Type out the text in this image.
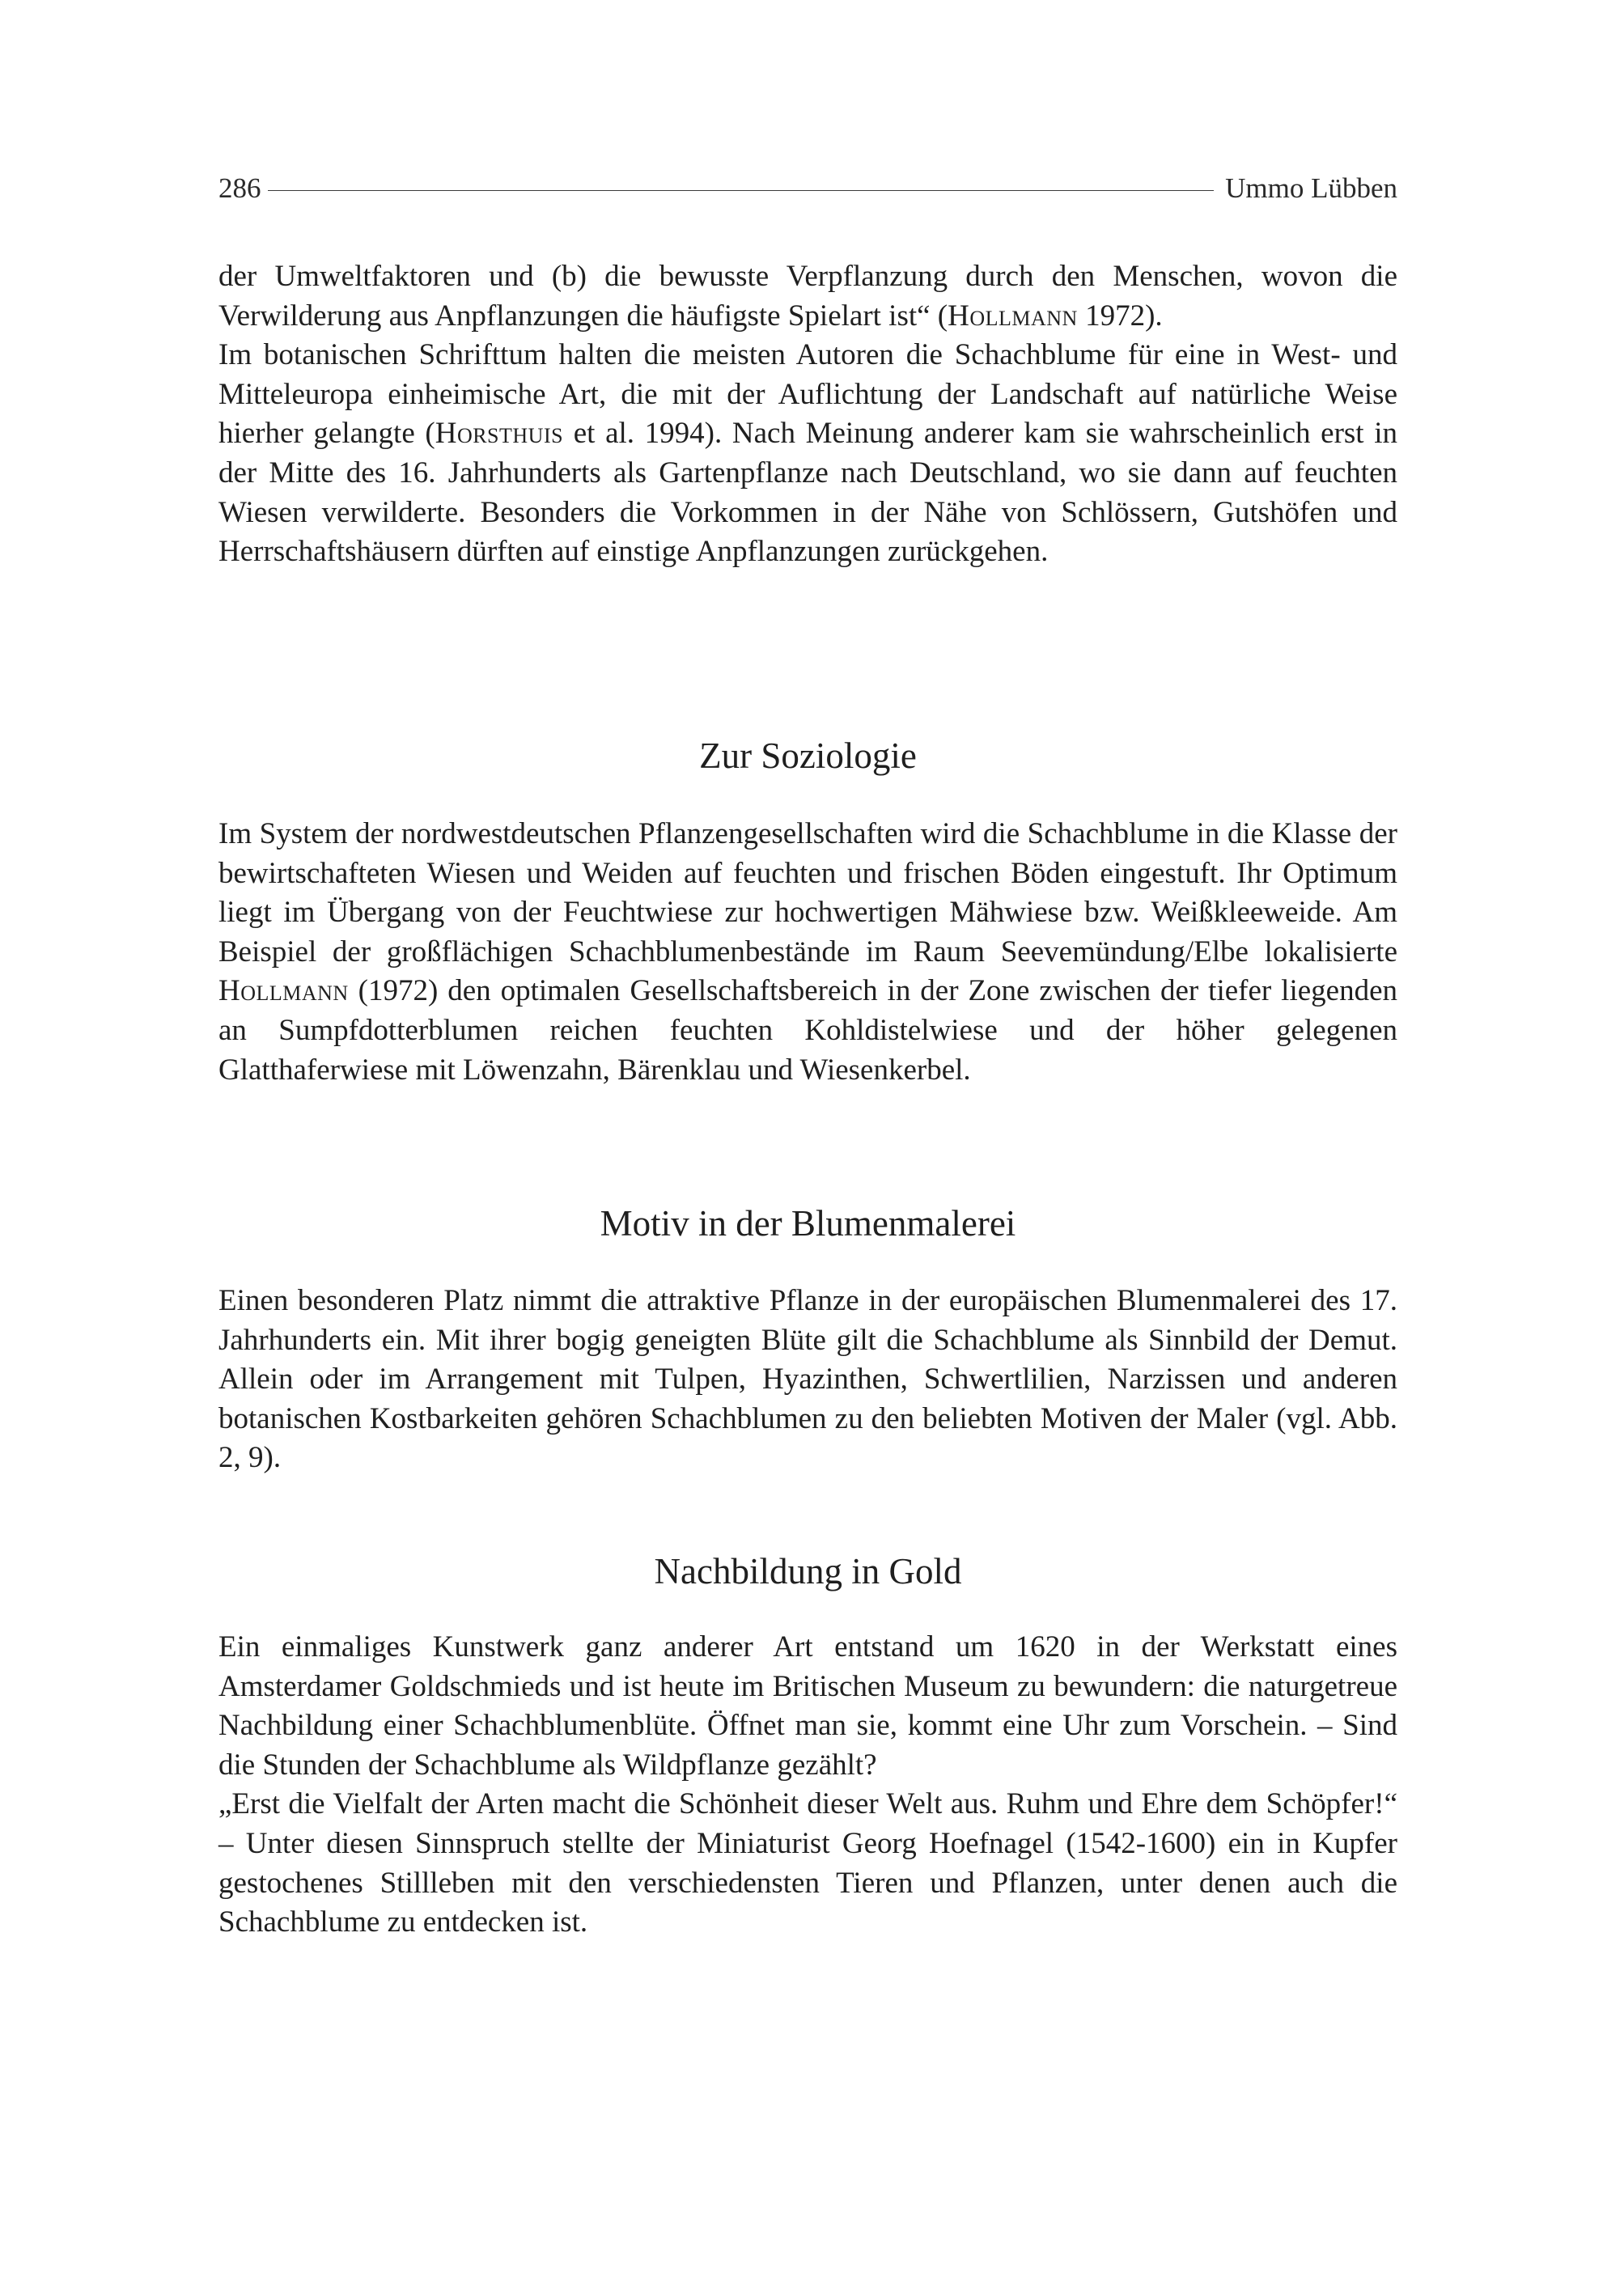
286	Ummo Lübben

der Umweltfaktoren und (b) die bewusste Verpflanzung durch den Menschen, wovon die Verwilderung aus Anpflanzungen die häufigste Spielart ist“ (Hollmann 1972).

Im botanischen Schrifttum halten die meisten Autoren die Schachblume für eine in West- und Mitteleuropa einheimische Art, die mit der Auflichtung der Landschaft auf natürliche Weise hierher gelangte (Horsthuis et al. 1994). Nach Meinung anderer kam sie wahrscheinlich erst in der Mitte des 16. Jahrhunderts als Gartenpflanze nach Deutschland, wo sie dann auf feuchten Wiesen verwilderte. Besonders die Vorkommen in der Nähe von Schlössern, Gutshöfen und Herrschaftshäusern dürften auf einstige Anpflanzungen zurückgehen.

Zur Soziologie

Im System der nordwestdeutschen Pflanzengesellschaften wird die Schachblume in die Klasse der bewirtschafteten Wiesen und Weiden auf feuchten und frischen Böden eingestuft. Ihr Optimum liegt im Übergang von der Feuchtwiese zur hochwertigen Mähwiese bzw. Weißkleeweide. Am Beispiel der großflächigen Schachblumenbestände im Raum Seevemündung/Elbe lokalisierte Hollmann (1972) den optimalen Gesellschaftsbereich in der Zone zwischen der tiefer liegenden an Sumpfdotterblumen reichen feuchten Kohldistelwiese und der höher gelegenen Glatthaferwiese mit Löwenzahn, Bärenklau und Wiesenkerbel.

Motiv in der Blumenmalerei

Einen besonderen Platz nimmt die attraktive Pflanze in der europäischen Blumenmalerei des 17. Jahrhunderts ein. Mit ihrer bogig geneigten Blüte gilt die Schachblume als Sinnbild der Demut. Allein oder im Arrangement mit Tulpen, Hyazinthen, Schwertlilien, Narzissen und anderen botanischen Kostbarkeiten gehören Schachblumen zu den beliebten Motiven der Maler (vgl. Abb. 2, 9).

Nachbildung in Gold

Ein einmaliges Kunstwerk ganz anderer Art entstand um 1620 in der Werkstatt eines Amsterdamer Goldschmieds und ist heute im Britischen Museum zu bewundern: die naturgetreue Nachbildung einer Schachblumenblüte. Öffnet man sie, kommt eine Uhr zum Vorschein. – Sind die Stunden der Schachblume als Wildpflanze gezählt?

„Erst die Vielfalt der Arten macht die Schönheit dieser Welt aus. Ruhm und Ehre dem Schöpfer!“ – Unter diesen Sinnspruch stellte der Miniaturist Georg Hoefnagel (1542-1600) ein in Kupfer gestochenes Stillleben mit den verschiedensten Tieren und Pflanzen, unter denen auch die Schachblume zu entdecken ist.
